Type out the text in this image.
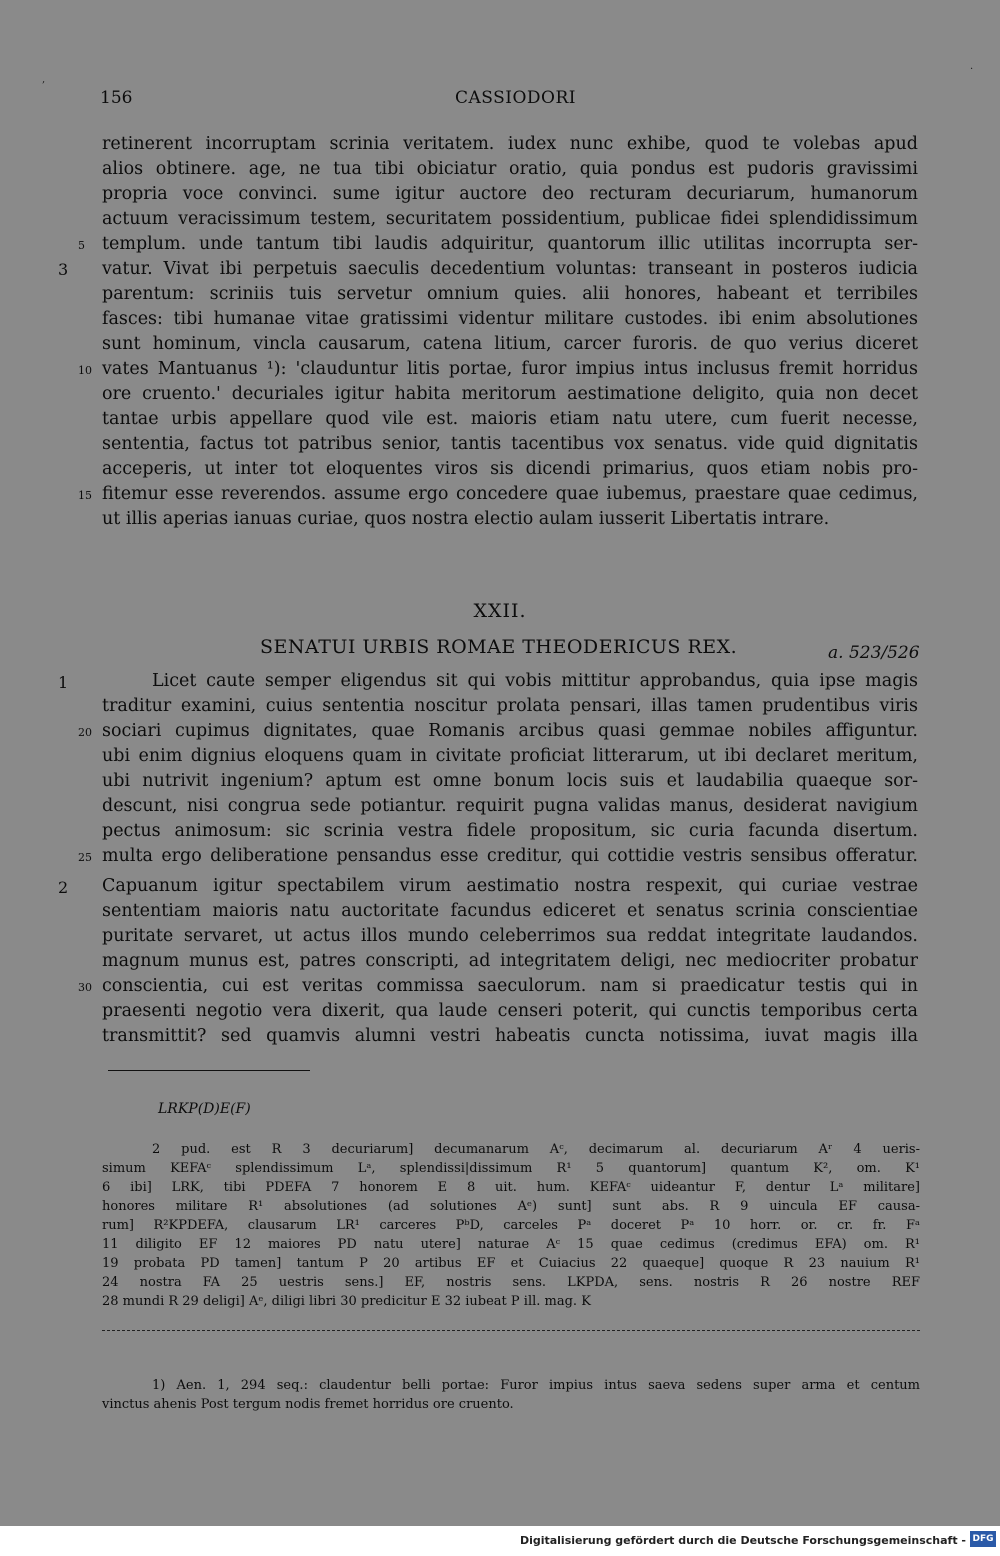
156	CASSIODORI
retinerent incorruptam scrinia veritatem. iudex nunc exhibe, quod te volebas apud
alios obtinere. age, ne tua tibi obiciatur oratio, quia pondus est pudoris gravissimi
propria voce convinci. sume igitur auctore deo recturam decuriarum, humanorum
actuum veracissimum testem, securitatem possidentium, publicae fidei splendidissimum
templum. unde tantum tibi laudis adquiritur, quantorum illic utilitas incorrupta ser-
vatur. Vivat ibi perpetuis saeculis decedentium voluntas: transeant in posteros iudicia
parentum: scriniis tuis servetur omnium quies. alii honores, habeant et terribiles
fasces: tibi humanae vitae gratissimi videntur militare custodes. ibi enim absolutiones
sunt hominum, vincla causarum, catena litium, carcer furoris. de quo verius diceret
vates Mantuanus ¹): 'clauduntur litis portae, furor impius intus inclusus fremit horridus
ore cruento.' decuriales igitur habita meritorum aestimatione deligito, quia non decet
tantae urbis appellare quod vile est. maioris etiam natu utere, cum fuerit necesse,
sententia, factus tot patribus senior, tantis tacentibus vox senatus. vide quid dignitatis
acceperis, ut inter tot eloquentes viros sis dicendi primarius, quos etiam nobis pro-
fitemur esse reverendos. assume ergo concedere quae iubemus, praestare quae cedimus,
ut illis aperias ianuas curiae, quos nostra electio aulam iusserit Libertatis intrare.
5
10
15
3
XXII.
SENATUI URBIS ROMAE THEODERICUS REX.	a. 523/526
Licet caute semper eligendus sit qui vobis mittitur approbandus, quia ipse magis
traditur examini, cuius sententia noscitur prolata pensari, illas tamen prudentibus viris
sociari cupimus dignitates, quae Romanis arcibus quasi gemmae nobiles affiguntur.
ubi enim dignius eloquens quam in civitate proficiat litterarum, ut ibi declaret meritum,
ubi nutrivit ingenium? aptum est omne bonum locis suis et laudabilia quaeque sor-
descunt, nisi congrua sede potiantur. requirit pugna validas manus, desiderat navigium
pectus animosum: sic scrinia vestra fidele propositum, sic curia facunda disertum.
multa ergo deliberatione pensandus esse creditur, qui cottidie vestris sensibus offeratur.
Capuanum igitur spectabilem virum aestimatio nostra respexit, qui curiae vestrae
sententiam maioris natu auctoritate facundus ediceret et senatus scrinia conscientiae
puritate servaret, ut actus illos mundo celeberrimos sua reddat integritate laudandos.
magnum munus est, patres conscripti, ad integritatem deligi, nec mediocriter probatur
conscientia, cui est veritas commissa saeculorum. nam si praedicatur testis qui in
praesenti negotio vera dixerit, qua laude censeri poterit, qui cunctis temporibus certa
transmittit? sed quamvis alumni vestri habeatis cuncta notissima, iuvat magis illa
20
25
30
1
2
LRKP(D)E(F)
2 pud. est R 3 decuriarum] decumanarum Aᶜ, decimarum al. decuriarum Aʳ 4 ueris-
simum KEFAᶜ splendissimum Lᵃ, splendissi|dissimum R¹ 5 quantorum] quantum K², om. K¹
6 ibi] LRK, tibi PDEFA 7 honorem E 8 uit. hum. KEFAᶜ uideantur F, dentur Lᵃ militare]
honores militare R¹ absolutiones (ad solutiones Aᵉ) sunt] sunt abs. R 9 uincula EF causa-
rum] R²KPDEFA, clausarum LR¹ carceres PᵇD, carceles Pᵃ doceret Pᵃ 10 horr. or. cr. fr. Fᵃ
11 diligito EF 12 maiores PD natu utere] naturae Aᶜ 15 quae cedimus (credimus EFA) om. R¹
19 probata PD tamen] tantum P 20 artibus EF et Cuiacius 22 quaeque] quoque R 23 nauium R¹
24 nostra FA 25 uestris sens.] EF, nostris sens. LKPDA, sens. nostris R 26 nostre REF
28 mundi R 29 deligi] Aᵉ, diligi libri 30 predicitur E 32 iubeat P ill. mag. K
1) Aen. 1, 294 seq.: claudentur belli portae: Furor impius intus saeva sedens super arma et centum
vinctus ahenis Post tergum nodis fremet horridus ore cruento.
,
·
Digitalisierung gefördert durch die Deutsche Forschungsgemeinschaft - DFG
